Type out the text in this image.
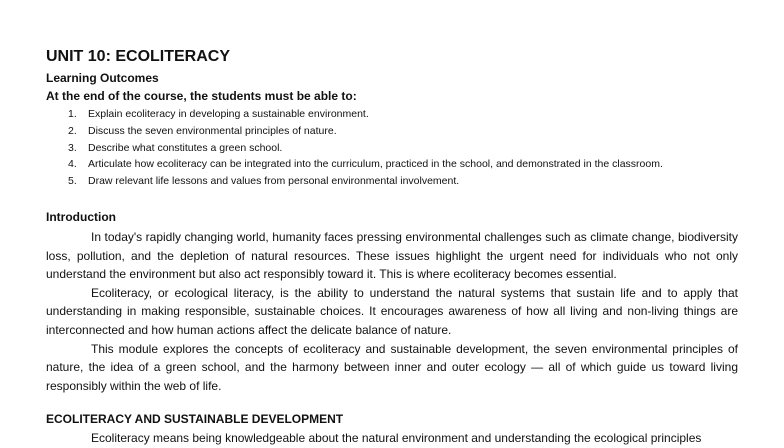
UNIT 10: ECOLITERACY
Learning Outcomes
At the end of the course, the students must be able to:
1. Explain ecoliteracy in developing a sustainable environment.
2. Discuss the seven environmental principles of nature.
3. Describe what constitutes a green school.
4. Articulate how ecoliteracy can be integrated into the curriculum, practiced in the school, and demonstrated in the classroom.
5. Draw relevant life lessons and values from personal environmental involvement.
Introduction

In today's rapidly changing world, humanity faces pressing environmental challenges such as climate change, biodiversity loss, pollution, and the depletion of natural resources. These issues highlight the urgent need for individuals who not only understand the environment but also act responsibly toward it. This is where ecoliteracy becomes essential.

Ecoliteracy, or ecological literacy, is the ability to understand the natural systems that sustain life and to apply that understanding in making responsible, sustainable choices. It encourages awareness of how all living and non-living things are interconnected and how human actions affect the delicate balance of nature.

This module explores the concepts of ecoliteracy and sustainable development, the seven environmental principles of nature, the idea of a green school, and the harmony between inner and outer ecology — all of which guide us toward living responsibly within the web of life.

ECOLITERACY AND SUSTAINABLE DEVELOPMENT

Ecoliteracy means being knowledgeable about the natural environment and understanding the ecological principles
